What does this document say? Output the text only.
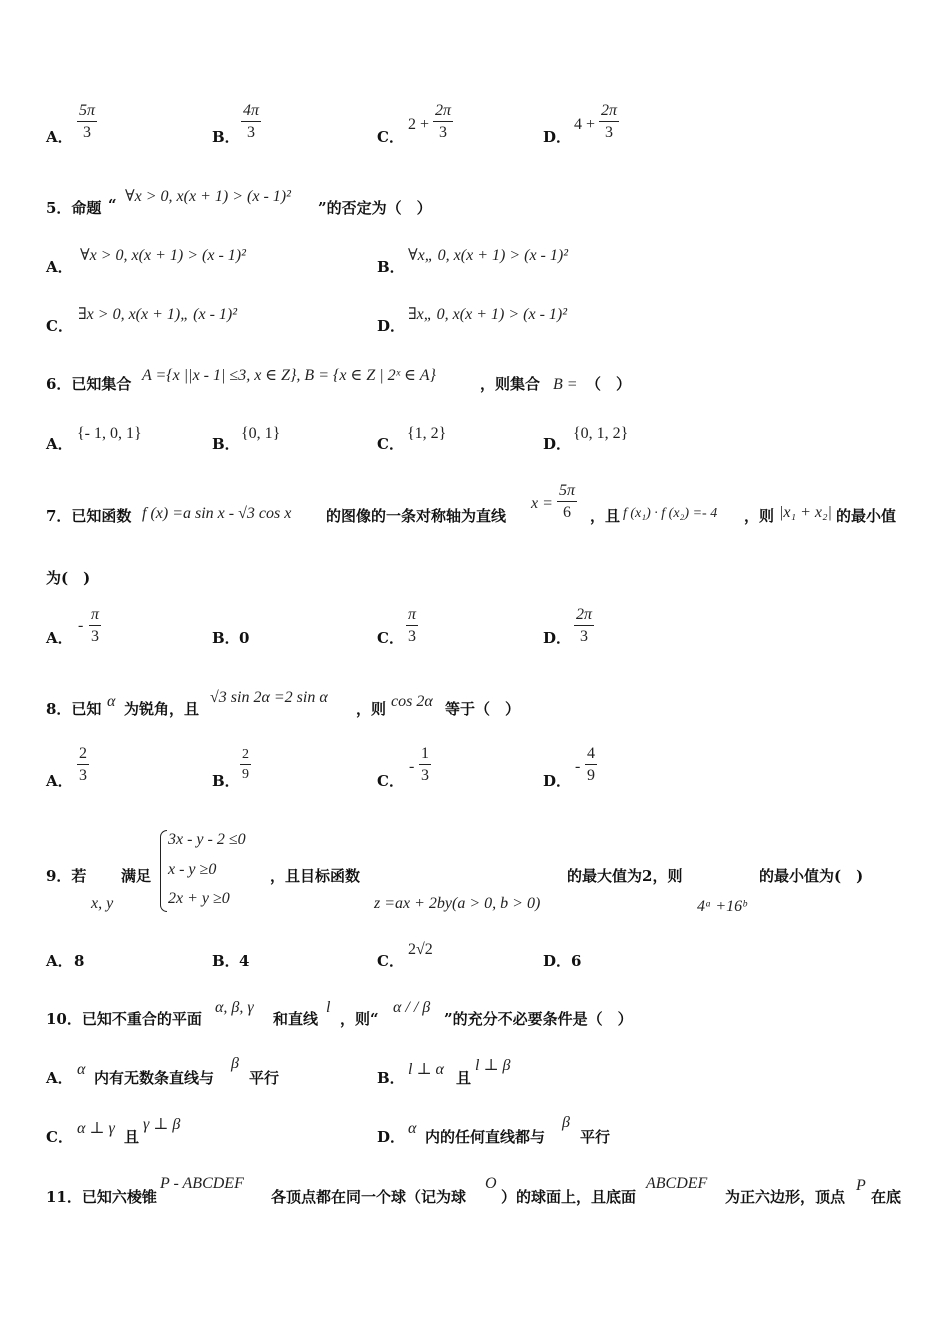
A．
5π
3	B．
4π
3	C．
2 +
2π
3	D．
4 +
2π
3
5．命题 “ ∀x > 0, x(x + 1) > (x - 1)²
”的否定为（　）
A．
∀x > 0, x(x + 1) > (x - 1)²
B．
∀x„ 0, x(x + 1) > (x - 1)²
C．
∃x > 0, x(x + 1)„ (x - 1)²
D．
∃x„ 0, x(x + 1) > (x - 1)²
6．已知集合 A ={x ||x - 1| ≤3, x ∈ Z}, B = {x ∈ Z | 2ˣ ∈ A}	，则集合 B = （　）
A．
{- 1, 0, 1}
B．
{0, 1}
C．
{1, 2}
D．
{0, 1, 2}
7．已知函数 f (x) =a sin x - √3 cos x 的图像的一条对称轴为直线
x =
5π
6 ，且 f (x₁) · f (x₂) =- 4 ，则 |x₁ + x₂| 的最小值
为(　)
A．
-
π
3	B． 0	C．
π
3	D．
2π
3
8．已知 α 为锐角，且
√3 sin 2α =2 sin α
，则 cos 2α 等于（　）
A．
2
3	B．
2
9	C．
-
1
3	D．
-
4
9
9．若
x, y
满足
3x - y - 2 ≤0
x - y ≥0
2x + y ≥0
，且目标函数
z =ax + 2by(a > 0, b > 0)
的最大值为2，则
4ᵃ +16ᵇ
的最小值为(　)
A． 8	B． 4	C．
2√2
D． 6
10．已知不重合的平面
α, β, γ
和直线
l
，则“
α / / β
”的充分不必要条件是（　）
A． α 内有无数条直线与
β
平行	B． l ⊥ α 且
l ⊥ β
C． α ⊥ γ 且
γ ⊥ β
D． α 内的任何直线都与
β
平行
11．已知六棱锥
P - ABCDEF
各顶点都在同一个球（记为球
O
）的球面上，且底面
ABCDEF
为正六边形，顶点
P
在底
